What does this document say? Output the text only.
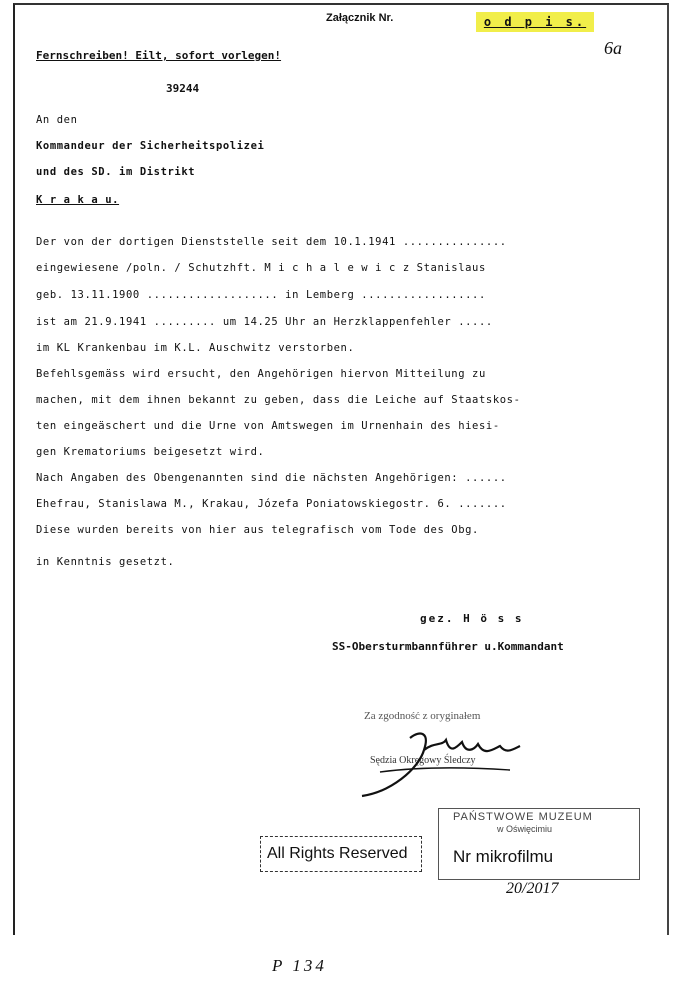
Załącznik Nr.	o d p i s.
6a
Fernschreiben! Eilt, sofort vorlegen!
39244
An den
Kommandeur der Sicherheitspolizei
und des SD. im Distrikt
K r a k a u.
Der von der dortigen Dienststelle seit dem 10.1.1941 ...............
eingewiesene /poln. / Schutzhft. M i c h a l e w i c z Stanislaus
geb. 13.11.1900 ................... in Lemberg ..................
ist am 21.9.1941 ......... um 14.25 Uhr an Herzklappenfehler .....
im KL Krankenbau im K.L. Auschwitz verstorben.
Befehlsgemäss wird ersucht, den Angehörigen hiervon Mitteilung zu
machen, mit dem ihnen bekannt zu geben, dass die Leiche auf Staatskos-
ten eingeäschert und die Urne von Amtswegen im Urnenhain des hiesi-
gen Krematoriums beigesetzt wird.
Nach Angaben des Obengenannten sind die nächsten Angehörigen: ......
Ehefrau, Stanislawa M., Krakau, Józefa Poniatowskiegostr. 6. .......
Diese wurden bereits von hier aus telegrafisch vom Tode des Obg.
in Kenntnis gesetzt.
gez. H ö s s
SS-Obersturmbannführer u.Kommandant
Za zgodność z oryginałem
Sędzia Okręgowy Śledczy
All Rights Reserved
PAŃSTWOWE MUZEUM
w Oświęcimiu
Nr mikrofilmu
20/2017
P 134
